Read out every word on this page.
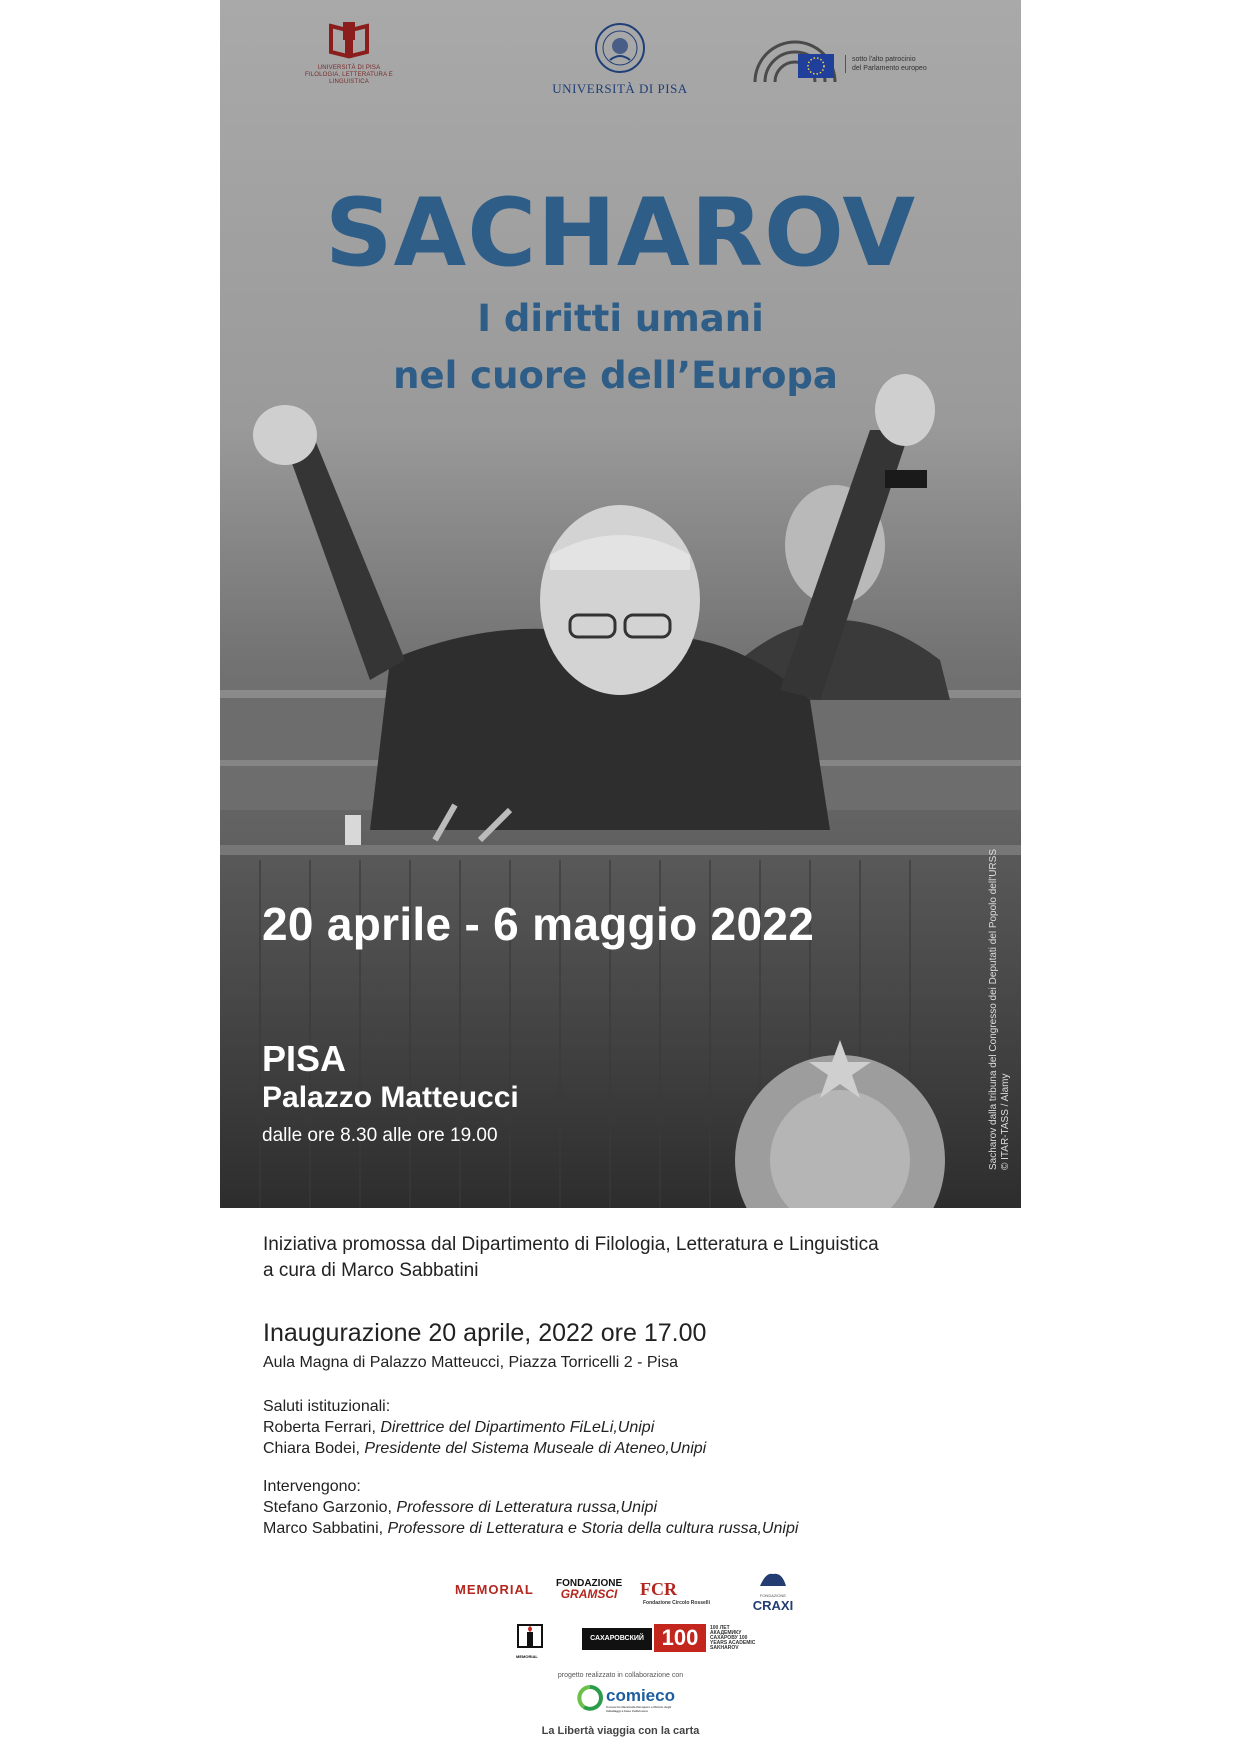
UNIVERSITÀ DI PISA
FILOLOGIA, LETTERATURA E LINGUISTICA	UNIVERSITÀ DI PISA
sotto l'alto patrocinio
del Parlamento europeo
SACHAROV
I diritti umani
nel cuore dell’Europa
20 aprile - 6 maggio 2022
PISA
Palazzo Matteucci
dalle ore 8.30 alle ore 19.00	Sacharov dalla tribuna del Congresso dei Deputati del Popolo dell'URSS © ITAR-TASS / Alamy
Iniziativa promossa dal Dipartimento di Filologia, Letteratura e Linguistica
a cura di Marco Sabbatini
Inaugurazione 20 aprile, 2022 ore 17.00
Aula Magna di Palazzo Matteucci, Piazza Torricelli 2 - Pisa
Saluti istituzionali:
Roberta Ferrari, Direttrice del Dipartimento FiLeLi,Unipi
Chiara Bodei, Presidente del Sistema Museale di Ateneo,Unipi
Intervengono:
Stefano Garzonio, Professore di Letteratura russa,Unipi
Marco Sabbatini, Professore di Letteratura e Storia della cultura russa,Unipi
MEMORIAL FONDAZIONE
GRAMSCI FCR Fondazione Circolo Rosselli
FONDAZIONE
CRAXI
MEMORIAL
САХАРОВСКИЙ ЦЕНТР
100	100 ЛЕТ АКАДЕМИКУ САХАРОВУ 100 YEARS ACADEMIC SAKHAROV
progetto realizzato in collaborazione con
comieco
Consorzio Nazionale Recupero e Riciclo degli Imballaggi a base Cellulosica
La Libertà viaggia con la carta
